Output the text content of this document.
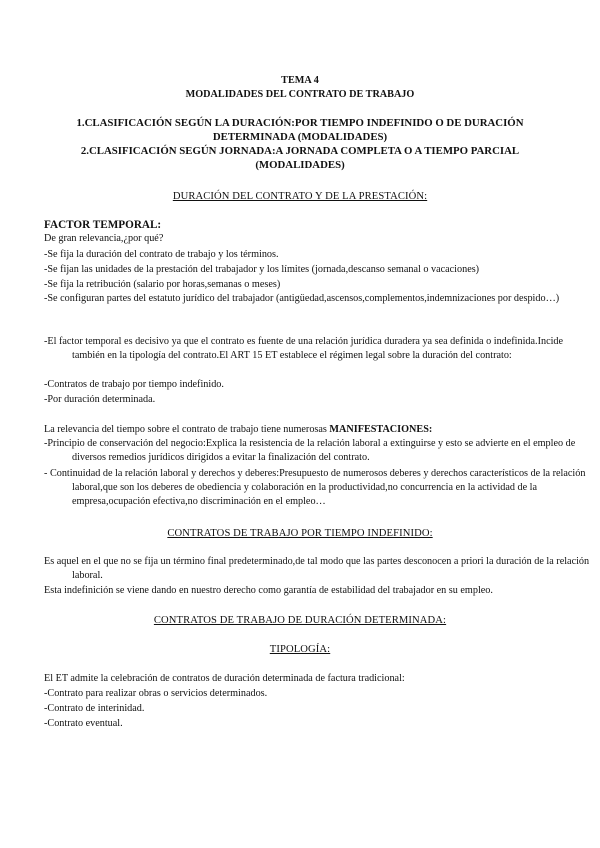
TEMA 4
MODALIDADES DEL CONTRATO DE TRABAJO
1.CLASIFICACIÓN SEGÚN LA DURACIÓN:POR TIEMPO INDEFINIDO O DE DURACIÓN
DETERMINADA (MODALIDADES)
2.CLASIFICACIÓN SEGÚN JORNADA:A JORNADA COMPLETA O A TIEMPO PARCIAL
(MODALIDADES)
DURACIÓN DEL CONTRATO Y DE LA PRESTACIÓN:
FACTOR TEMPORAL:
De gran relevancia,¿por qué?
-Se fija la duración del contrato de trabajo y los términos.
-Se fijan las unidades de la prestación del trabajador y los límites (jornada,descanso semanal o vacaciones)
-Se fija la retribución (salario por horas,semanas o meses)
-Se configuran partes del estatuto jurídico del trabajador (antigüedad,ascensos,complementos,indemnizaciones por despido…)
-El factor temporal es decisivo ya que el contrato es fuente de una relación jurídica duradera ya sea definida o indefinida.Incide también en la tipología del contrato.El ART 15 ET establece el régimen legal sobre la duración del contrato:
-Contratos de trabajo por tiempo indefinido.
-Por duración determinada.
La relevancia del tiempo sobre el contrato de trabajo tiene numerosas MANIFESTACIONES:
-Principio de conservación del negocio:Explica la resistencia de la relación laboral a extinguirse y esto se advierte en el empleo de diversos remedios jurídicos dirigidos a evitar la finalización del contrato.
- Continuidad de la relación laboral y derechos y deberes:Presupuesto de numerosos deberes y derechos característicos de la relación laboral,que son los deberes de obediencia y colaboración en la productividad,no concurrencia en la actividad de la empresa,ocupación efectiva,no discriminación en el empleo…
CONTRATOS DE TRABAJO POR TIEMPO INDEFINIDO:
Es aquel en el que no se fija un término final predeterminado,de tal modo que las partes desconocen a priori la duración de la relación laboral.
Esta indefinición se viene dando en nuestro derecho como garantía de estabilidad del trabajador en su empleo.
CONTRATOS DE TRABAJO DE DURACIÓN DETERMINADA:
TIPOLOGÍA:
El ET admite la celebración de contratos de duración determinada de factura tradicional:
-Contrato para realizar obras o servicios determinados.
-Contrato de interinidad.
-Contrato eventual.
